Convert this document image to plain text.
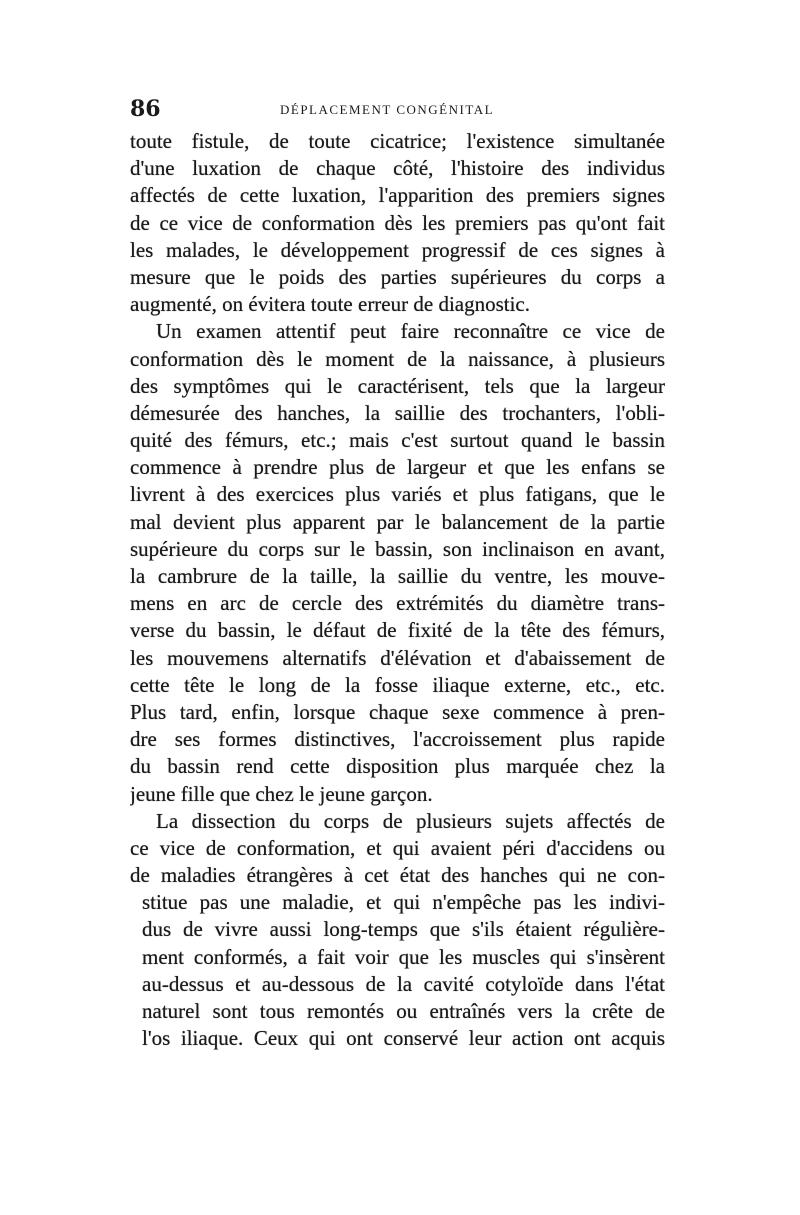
86	DÉPLACEMENT CONGÉNITAL
toute fistule, de toute cicatrice; l'existence simultanée
d'une luxation de chaque côté, l'histoire des individus
affectés de cette luxation, l'apparition des premiers signes
de ce vice de conformation dès les premiers pas qu'ont fait
les malades, le développement progressif de ces signes à
mesure que le poids des parties supérieures du corps a
augmenté, on évitera toute erreur de diagnostic.
Un examen attentif peut faire reconnaître ce vice de
conformation dès le moment de la naissance, à plusieurs
des symptômes qui le caractérisent, tels que la largeur
démesurée des hanches, la saillie des trochanters, l'obli-
quité des fémurs, etc.; mais c'est surtout quand le bassin
commence à prendre plus de largeur et que les enfans se
livrent à des exercices plus variés et plus fatigans, que le
mal devient plus apparent par le balancement de la partie
supérieure du corps sur le bassin, son inclinaison en avant,
la cambrure de la taille, la saillie du ventre, les mouve-
mens en arc de cercle des extrémités du diamètre trans-
verse du bassin, le défaut de fixité de la tête des fémurs,
les mouvemens alternatifs d'élévation et d'abaissement de
cette tête le long de la fosse iliaque externe, etc., etc.
Plus tard, enfin, lorsque chaque sexe commence à pren-
dre ses formes distinctives, l'accroissement plus rapide
du bassin rend cette disposition plus marquée chez la
jeune fille que chez le jeune garçon.
La dissection du corps de plusieurs sujets affectés de
ce vice de conformation, et qui avaient péri d'accidens ou
de maladies étrangères à cet état des hanches qui ne con-
stitue pas une maladie, et qui n'empêche pas les indivi-
dus de vivre aussi long-temps que s'ils étaient régulière-
ment conformés, a fait voir que les muscles qui s'insèrent
au-dessus et au-dessous de la cavité cotyloïde dans l'état
naturel sont tous remontés ou entraînés vers la crête de
l'os iliaque. Ceux qui ont conservé leur action ont acquis
